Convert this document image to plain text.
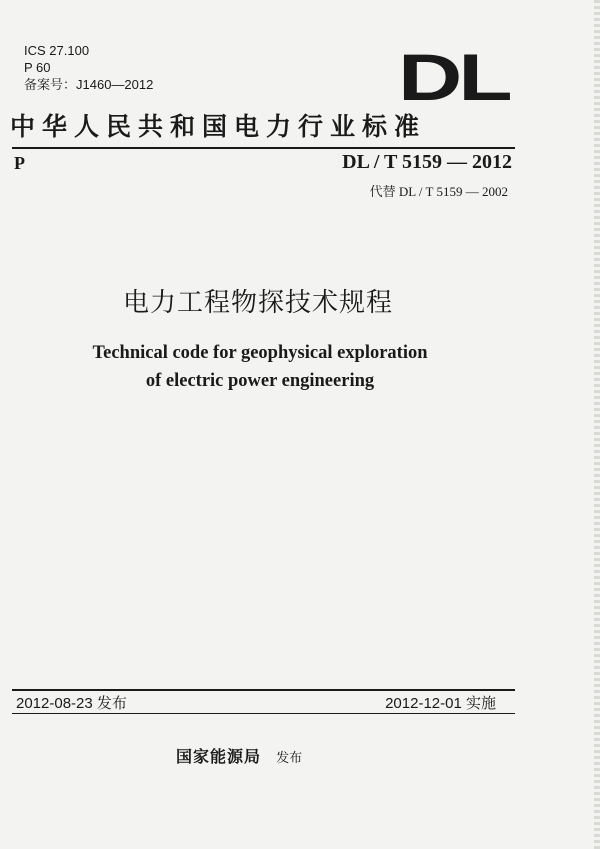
ICS 27.100
P 60
备案号：J1460—2012	DL
中华人民共和国电力行业标准
P	DL / T 5159 — 2012
代替 DL / T 5159 — 2002
电力工程物探技术规程
Technical code for geophysical exploration
of electric power engineering
2012-08-23 发布	2012-12-01 实施
国家能源局 发布
